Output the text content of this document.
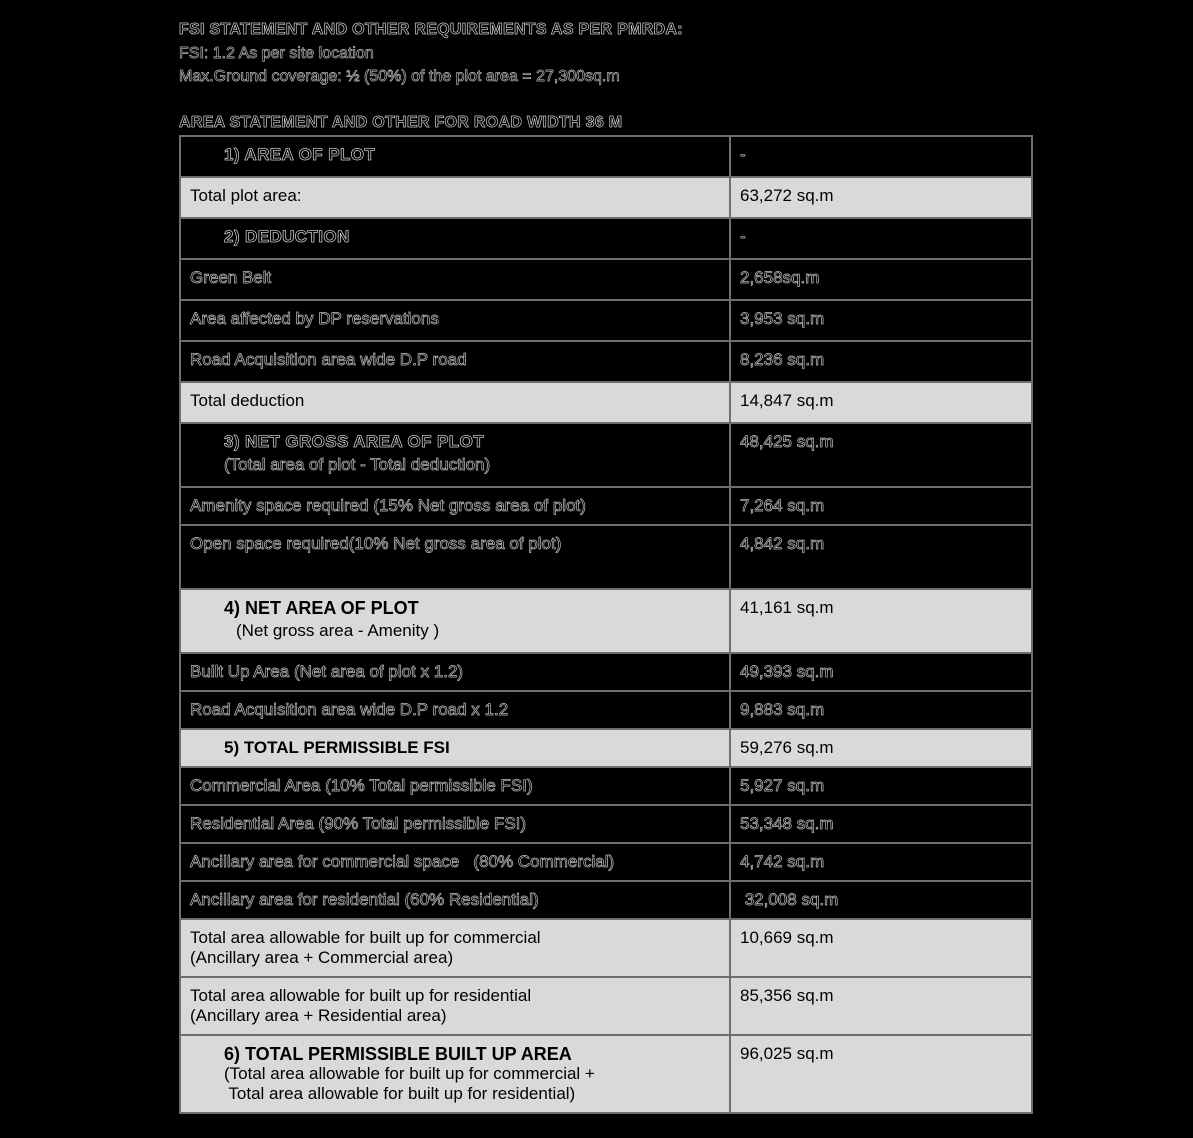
FSI STATEMENT AND OTHER REQUIREMENTS AS PER PMRDA:
FSI: 1.2 As per site location
Max.Ground coverage: ½ (50%) of the plot area = 27,300sq.m
AREA STATEMENT AND OTHER FOR ROAD WIDTH 36 M
1) AREA OF PLOT	-
Total plot area:	63,272 sq.m
2) DEDUCTION	-
Green Belt	2,658sq.m
Area affected by DP reservations	3,953 sq.m
Road Acquisition area wide D.P road	8,236 sq.m
Total deduction	14,847 sq.m

3) NET GROSS AREA OF PLOT
(Total area of plot - Total deduction)	48,425 sq.m
Amenity space required (15% Net gross area of plot)	7,264 sq.m
Open space required(10% Net gross area of plot)	4,842 sq.m

4) NET AREA OF PLOT
(Net gross area - Amenity )	41,161 sq.m
Built Up Area (Net area of plot x 1.2)	49,393 sq.m
Road Acquisition area wide D.P road x 1.2	9,883 sq.m
5) TOTAL PERMISSIBLE FSI	59,276 sq.m
Commercial Area (10% Total permissible FSI)	5,927 sq.m
Residential Area (90% Total permissible FSI)	53,348 sq.m
Ancillary area for commercial space   (80% Commercial)	4,742 sq.m
Ancillary area for residential (60% Residential)	32,008 sq.m

Total area allowable for built up for commercial
(Ancillary area + Commercial area)	10,669 sq.m

Total area allowable for built up for residential
(Ancillary area + Residential area)	85,356 sq.m

6) TOTAL PERMISSIBLE BUILT UP AREA
(Total area allowable for built up for commercial +
Total area allowable for built up for residential)	96,025 sq.m
